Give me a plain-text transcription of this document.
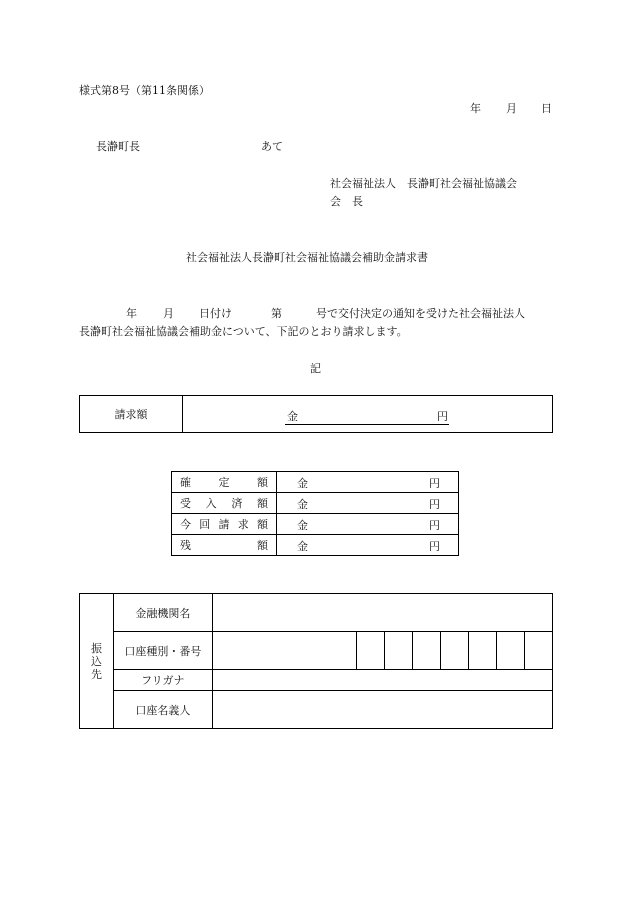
様式第8号（第11条関係）
年 月 日
長瀞町長	あて
社会福祉法人　長瀞町社会福祉協議会
会　長
社会福祉法人長瀞町社会福祉協議会補助金請求書
年 月 日付け	第	号で交付決定の通知を受けた社会福祉法人
長瀞町社会福祉協議会補助金について、下記のとおり請求します。
記
請求額	金	円
確 定 額	金 円

受 入 済 額	金 円

今 回 請 求 額	金 円

残 額	金 円
振込先	金融機関名								
	口座種別・番号								
	フリガナ								
	口座名義人								
